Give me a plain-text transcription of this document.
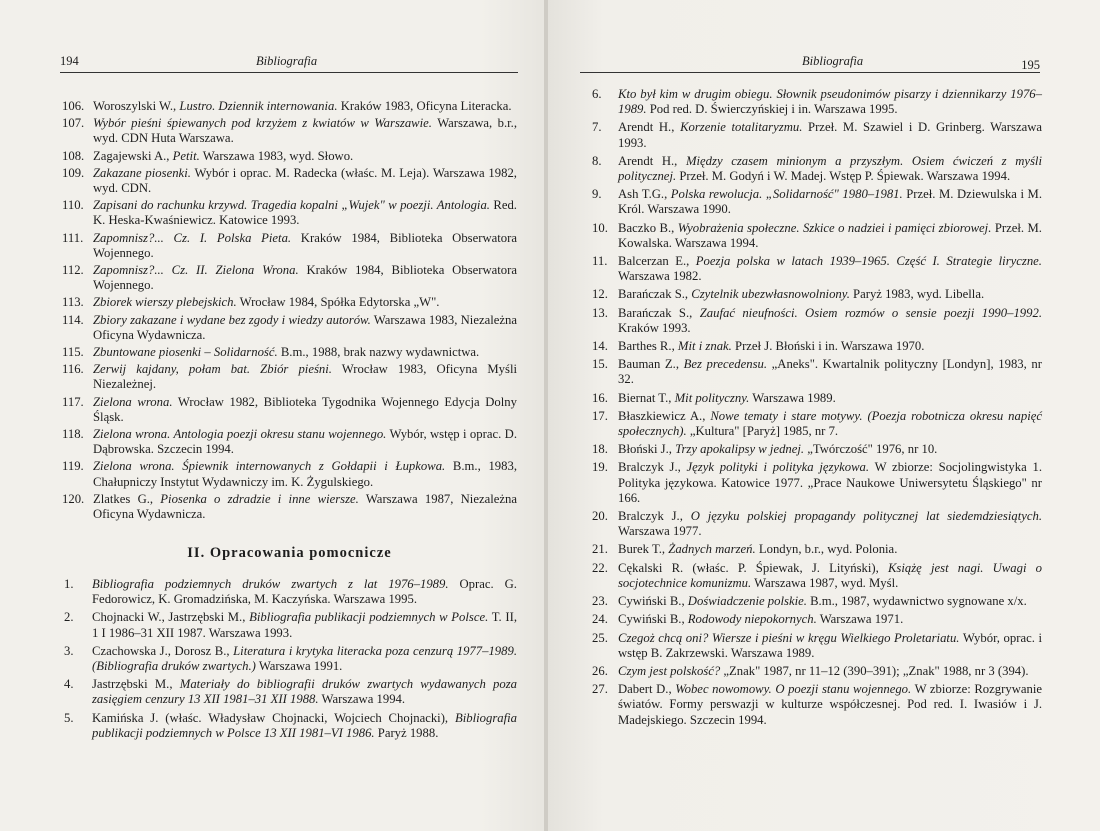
194	Bibliografia
106. Woroszylski W., Lustro. Dziennik internowania. Kraków 1983, Oficyna Literacka.
107. Wybór pieśni śpiewanych pod krzyżem z kwiatów w Warszawie. Warszawa, b.r., wyd. CDN Huta Warszawa.
108. Zagajewski A., Petit. Warszawa 1983, wyd. Słowo.
109. Zakazane piosenki. Wybór i oprac. M. Radecka (właśc. M. Leja). Warszawa 1982, wyd. CDN.
110. Zapisani do rachunku krzywd. Tragedia kopalni „Wujek" w poezji. Antologia. Red. K. Heska-Kwaśniewicz. Katowice 1993.
111. Zapomnisz?... Cz. I. Polska Pieta. Kraków 1984, Biblioteka Obserwatora Wojennego.
112. Zapomnisz?... Cz. II. Zielona Wrona. Kraków 1984, Biblioteka Obserwatora Wojennego.
113. Zbiorek wierszy plebejskich. Wrocław 1984, Spółka Edytorska „W".
114. Zbiory zakazane i wydane bez zgody i wiedzy autorów. Warszawa 1983, Niezależna Oficyna Wydawnicza.
115. Zbuntowane piosenki – Solidarność. B.m., 1988, brak nazwy wydawnictwa.
116. Zerwij kajdany, połam bat. Zbiór pieśni. Wrocław 1983, Oficyna Myśli Niezależnej.
117. Zielona wrona. Wrocław 1982, Biblioteka Tygodnika Wojennego Edycja Dolny Śląsk.
118. Zielona wrona. Antologia poezji okresu stanu wojennego. Wybór, wstęp i oprac. D. Dąbrowska. Szczecin 1994.
119. Zielona wrona. Śpiewnik internowanych z Gołdapii i Łupkowa. B.m., 1983, Chałupniczy Instytut Wydawniczy im. K. Żygulskiego.
120. Zlatkes G., Piosenka o zdradzie i inne wiersze. Warszawa 1987, Niezależna Oficyna Wydawnicza.
II. Opracowania pomocnicze
1. Bibliografia podziemnych druków zwartych z lat 1976–1989. Oprac. G. Fedorowicz, K. Gromadzińska, M. Kaczyńska. Warszawa 1995.
2. Chojnacki W., Jastrzębski M., Bibliografia publikacji podziemnych w Polsce. T. II, 1 I 1986–31 XII 1987. Warszawa 1993.
3. Czachowska J., Dorosz B., Literatura i krytyka literacka poza cenzurą 1977–1989. (Bibliografia druków zwartych.) Warszawa 1991.
4. Jastrzębski M., Materiały do bibliografii druków zwartych wydawanych poza zasięgiem cenzury 13 XII 1981–31 XII 1988. Warszawa 1994.
5. Kamińska J. (właśc. Władysław Chojnacki, Wojciech Chojnacki), Bibliografia publikacji podziemnych w Polsce 13 XII 1981–VI 1986. Paryż 1988.
Bibliografia	195
6. Kto był kim w drugim obiegu. Słownik pseudonimów pisarzy i dziennikarzy 1976–1989. Pod red. D. Świerczyńskiej i in. Warszawa 1995.
7. Arendt H., Korzenie totalitaryzmu. Przeł. M. Szawiel i D. Grinberg. Warszawa 1993.
8. Arendt H., Między czasem minionym a przyszłym. Osiem ćwiczeń z myśli politycznej. Przeł. M. Godyń i W. Madej. Wstęp P. Śpiewak. Warszawa 1994.
9. Ash T.G., Polska rewolucja. „Solidarność" 1980–1981. Przeł. M. Dziewulska i M. Król. Warszawa 1990.
10. Baczko B., Wyobrażenia społeczne. Szkice o nadziei i pamięci zbiorowej. Przeł. M. Kowalska. Warszawa 1994.
11. Balcerzan E., Poezja polska w latach 1939–1965. Część I. Strategie liryczne. Warszawa 1982.
12. Barańczak S., Czytelnik ubezwłasnowolniony. Paryż 1983, wyd. Libella.
13. Barańczak S., Zaufać nieufności. Osiem rozmów o sensie poezji 1990–1992. Kraków 1993.
14. Barthes R., Mit i znak. Przeł J. Błoński i in. Warszawa 1970.
15. Bauman Z., Bez precedensu. „Aneks". Kwartalnik polityczny [Londyn], 1983, nr 32.
16. Biernat T., Mit polityczny. Warszawa 1989.
17. Błaszkiewicz A., Nowe tematy i stare motywy. (Poezja robotnicza okresu napięć społecznych). „Kultura" [Paryż] 1985, nr 7.
18. Błoński J., Trzy apokalipsy w jednej. „Twórczość" 1976, nr 10.
19. Bralczyk J., Język polityki i polityka językowa. W zbiorze: Socjolingwistyka 1. Polityka językowa. Katowice 1977. „Prace Naukowe Uniwersytetu Śląskiego" nr 166.
20. Bralczyk J., O języku polskiej propagandy politycznej lat siedemdziesiątych. Warszawa 1977.
21. Burek T., Żadnych marzeń. Londyn, b.r., wyd. Polonia.
22. Cękalski R. (właśc. P. Śpiewak, J. Lityński), Książę jest nagi. Uwagi o socjotechnice komunizmu. Warszawa 1987, wyd. Myśl.
23. Cywiński B., Doświadczenie polskie. B.m., 1987, wydawnictwo sygnowane x/x.
24. Cywiński B., Rodowody niepokornych. Warszawa 1971.
25. Czegoż chcą oni? Wiersze i pieśni w kręgu Wielkiego Proletariatu. Wybór, oprac. i wstęp B. Zakrzewski. Warszawa 1989.
26. Czym jest polskość? „Znak" 1987, nr 11–12 (390–391); „Znak" 1988, nr 3 (394).
27. Dabert D., Wobec nowomowy. O poezji stanu wojennego. W zbiorze: Rozgrywanie światów. Formy perswazji w kulturze współczesnej. Pod red. I. Iwasiów i J. Madejskiego. Szczecin 1994.
